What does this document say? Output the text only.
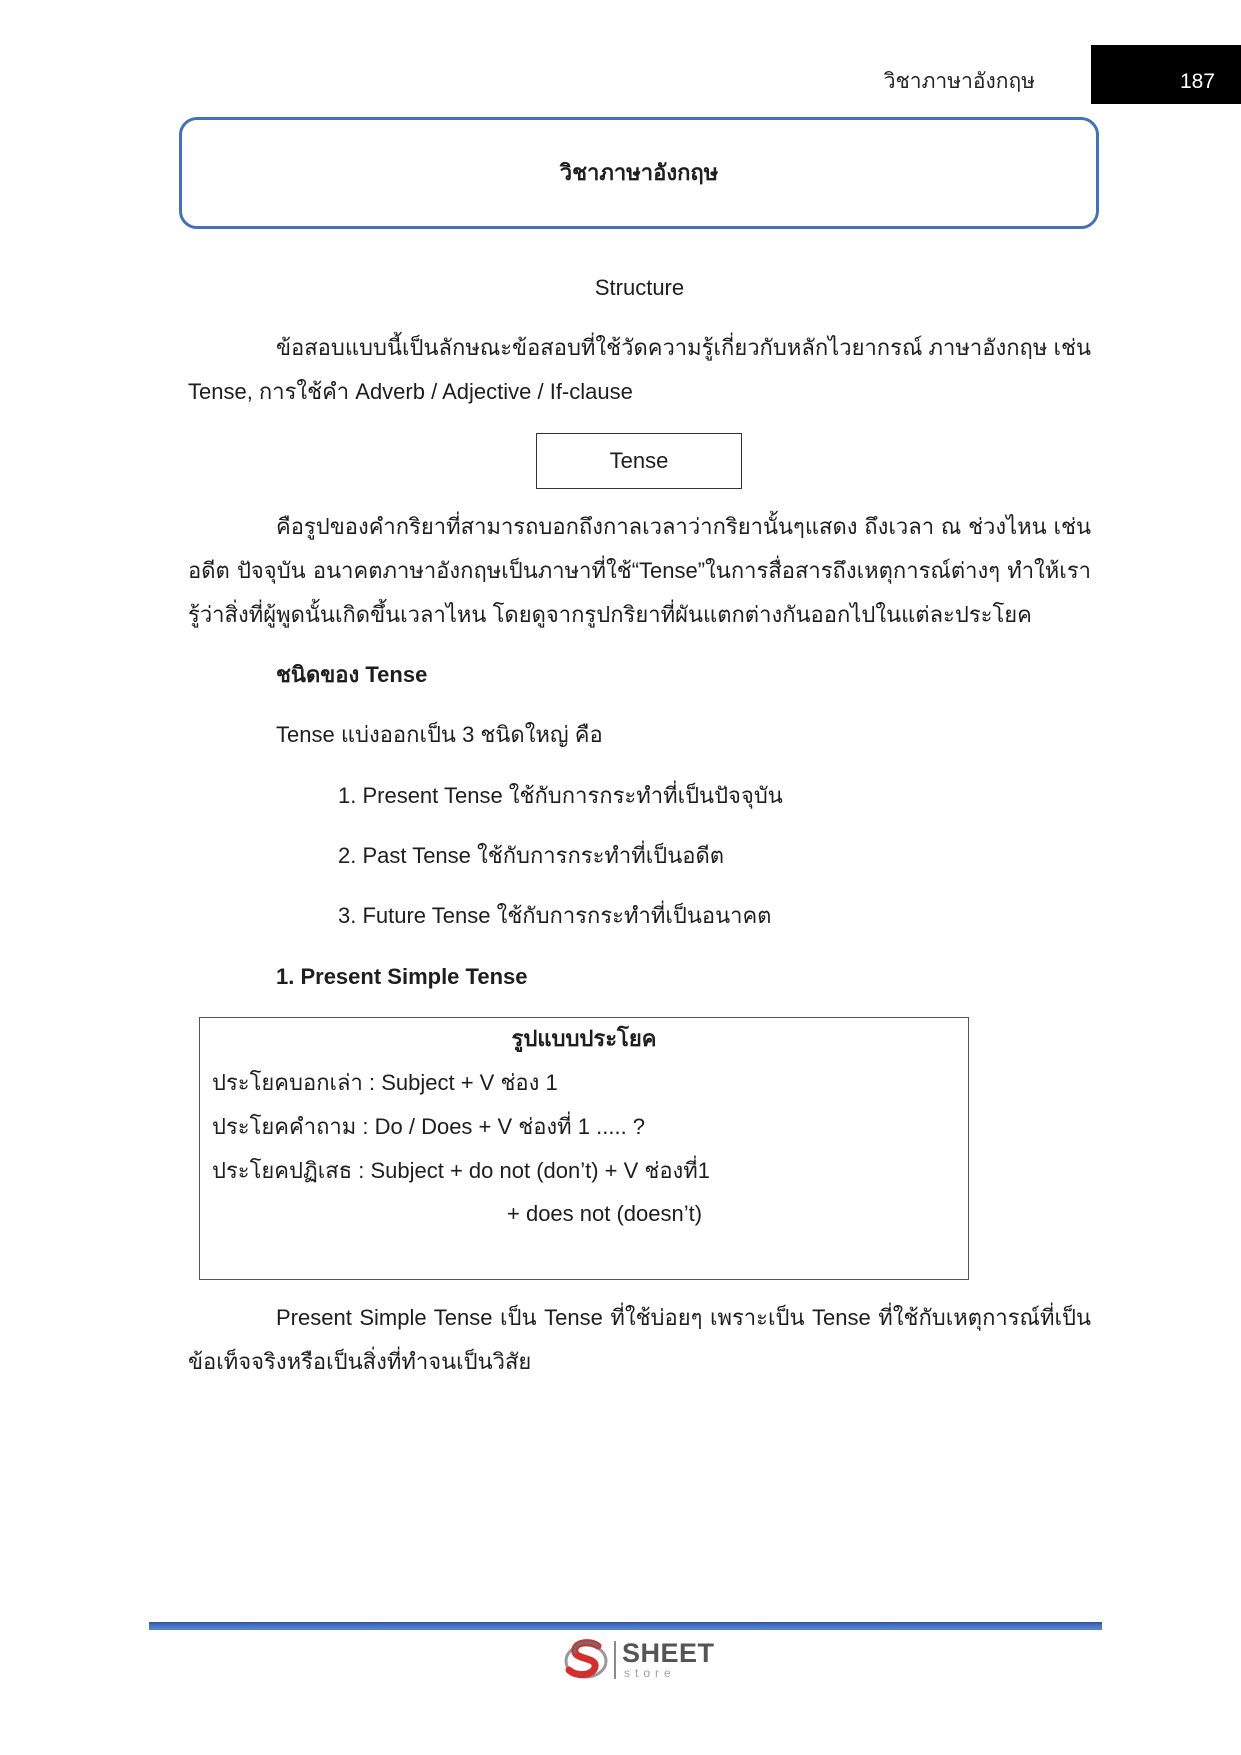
วิชาภาษาอังกฤษ	187
วิชาภาษาอังกฤษ
Structure

ข้อสอบแบบนี้เป็นลักษณะข้อสอบที่ใช้วัดความรู้เกี่ยวกับหลักไวยากรณ์ ภาษาอังกฤษ เช่น Tense, การใช้คำ Adverb / Adjective / If-clause

Tense

คือรูปของคำกริยาที่สามารถบอกถึงกาลเวลาว่ากริยานั้นๆแสดง ถึงเวลา ณ ช่วงไหน เช่น อดีต ปัจจุบัน อนาคตภาษาอังกฤษเป็นภาษาที่ใช้“Tense”ในการสื่อสารถึงเหตุการณ์ต่างๆ ทำให้เรารู้ว่าสิ่งที่ผู้พูดนั้นเกิดขึ้นเวลาไหน โดยดูจากรูปกริยาที่ผันแตกต่างกันออกไปในแต่ละประโยค

ชนิดของ Tense
Tense แบ่งออกเป็น 3 ชนิดใหญ่ คือ
1. Present Tense ใช้กับการกระทำที่เป็นปัจจุบัน
2. Past Tense ใช้กับการกระทำที่เป็นอดีต
3. Future Tense ใช้กับการกระทำที่เป็นอนาคต
1. Present Simple Tense
รูปแบบประโยค
ประโยคบอกเล่า : Subject + V ช่อง 1
ประโยคคำถาม : Do / Does + V ช่องที่ 1 ..... ?
ประโยคปฏิเสธ : Subject + do not (don’t) + V ช่องที่1
+ does not (doesn’t)

Present Simple Tense เป็น Tense ที่ใช้บ่อยๆ เพราะเป็น Tense ที่ใช้กับเหตุการณ์ที่เป็นข้อเท็จจริงหรือเป็นสิ่งที่ทำจนเป็นวิสัย

SHEET
store
